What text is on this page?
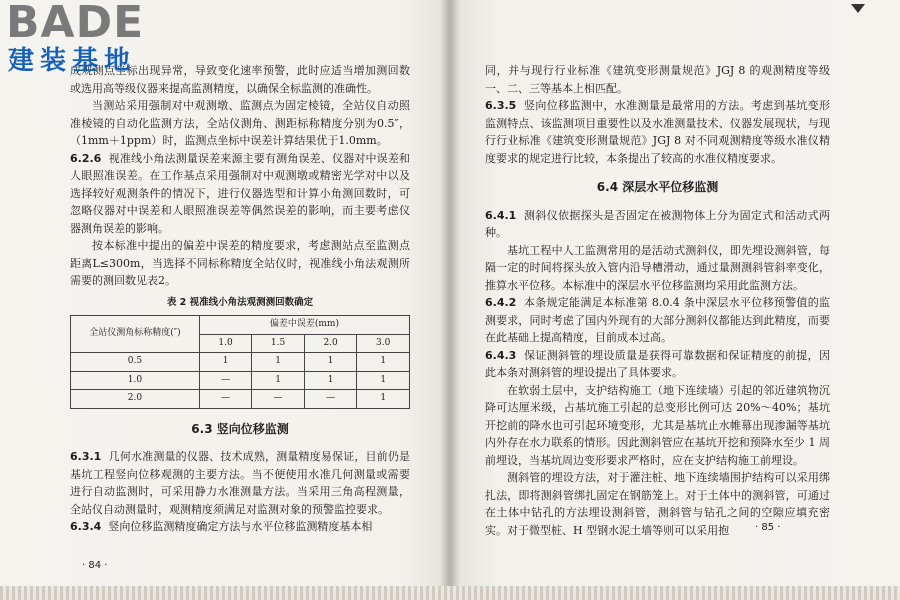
成观测点坐标出现异常，导致变化速率预警，此时应适当增加测回数或选用高等级仪器来提高监测精度，以确保全标监测的准确性。

当测站采用强制对中观测墩、监测点为固定棱镜，全站仪自动照准棱镜的自动化监测方法，全站仪测角、测距标称精度分别为0.5″，（1mm＋1ppm）时，监测点坐标中误差计算结果优于1.0mm。

6.2.6 视准线小角法测量误差来源主要有测角误差、仪器对中误差和人眼照准误差。在工作基点采用强制对中观测墩或精密光学对中以及选择较好观测条件的情况下，进行仪器选型和计算小角测回数时，可忽略仪器对中误差和人眼照准误差等偶然误差的影响，而主要考虑仪器测角误差的影响。

按本标准中提出的偏差中误差的精度要求，考虑测站点至监测点距离L≤300m，当选择不同标称精度全站仪时，视准线小角法观测所需要的测回数见表2。

表 2 视准线小角法观测测回数确定
全站仪测角标称精度(″)	偏差中误差(mm)			
	1.0	1.5	2.0	3.0
0.5	1	1	1	1
1.0	—	1	1	1
2.0	—	—	—	1
6.3 竖向位移监测

6.3.1 几何水准测量的仪器、技术成熟，测量精度易保证，目前仍是基坑工程竖向位移观测的主要方法。当不便使用水准几何测量或需要进行自动监测时，可采用静力水准测量方法。当采用三角高程测量，全站仪自动测量时，观测精度须满足对监测对象的预警监控要求。

6.3.4 竖向位移监测精度确定方法与水平位移监测精度基本相

· 84 ·

同，并与现行行业标准《建筑变形测量规范》JGJ 8 的观测精度等级一、二、三等基本上相匹配。

6.3.5 竖向位移监测中，水准测量是最常用的方法。考虑到基坑变形监测特点、该监测项目重要性以及水准测量技术、仪器发展现状，与现行行业标准《建筑变形测量规范》JGJ 8 对不同观测精度等级水准仪精度要求的规定进行比较，本条提出了较高的水准仪精度要求。

6.4 深层水平位移监测

6.4.1 测斜仪依据探头是否固定在被测物体上分为固定式和活动式两种。

基坑工程中人工监测常用的是活动式测斜仪，即先埋设测斜管，每隔一定的时间将探头放入管内沿导槽滑动，通过量测测斜管斜率变化，推算水平位移。本标准中的深层水平位移监测均采用此监测方法。

6.4.2 本条规定能满足本标准第 8.0.4 条中深层水平位移预警值的监测要求，同时考虑了国内外现有的大部分测斜仪都能达到此精度，而要在此基础上提高精度，目前成本过高。

6.4.3 保证测斜管的埋设质量是获得可靠数据和保证精度的前提，因此本条对测斜管的埋设提出了具体要求。

在软弱土层中，支护结构施工（地下连续墙）引起的邻近建筑物沉降可达厘米级，占基坑施工引起的总变形比例可达 20%～40%；基坑开挖前的降水也可引起环境变形，尤其是基坑止水帷幕出现渗漏等基坑内外存在水力联系的情形。因此测斜管应在基坑开挖和预降水至少 1 周前埋设，当基坑周边变形要求严格时，应在支护结构施工前埋设。

测斜管的埋设方法，对于灌注桩、地下连续墙围护结构可以采用绑扎法，即将测斜管绑扎固定在钢筋笼上。对于土体中的测斜管，可通过在土体中钻孔的方法埋设测斜管，测斜管与钻孔之间的空隙应填充密实。对于微型桩、H 型钢水泥土墙等则可以采用抱	· 85 ·
BADE
建装基地
